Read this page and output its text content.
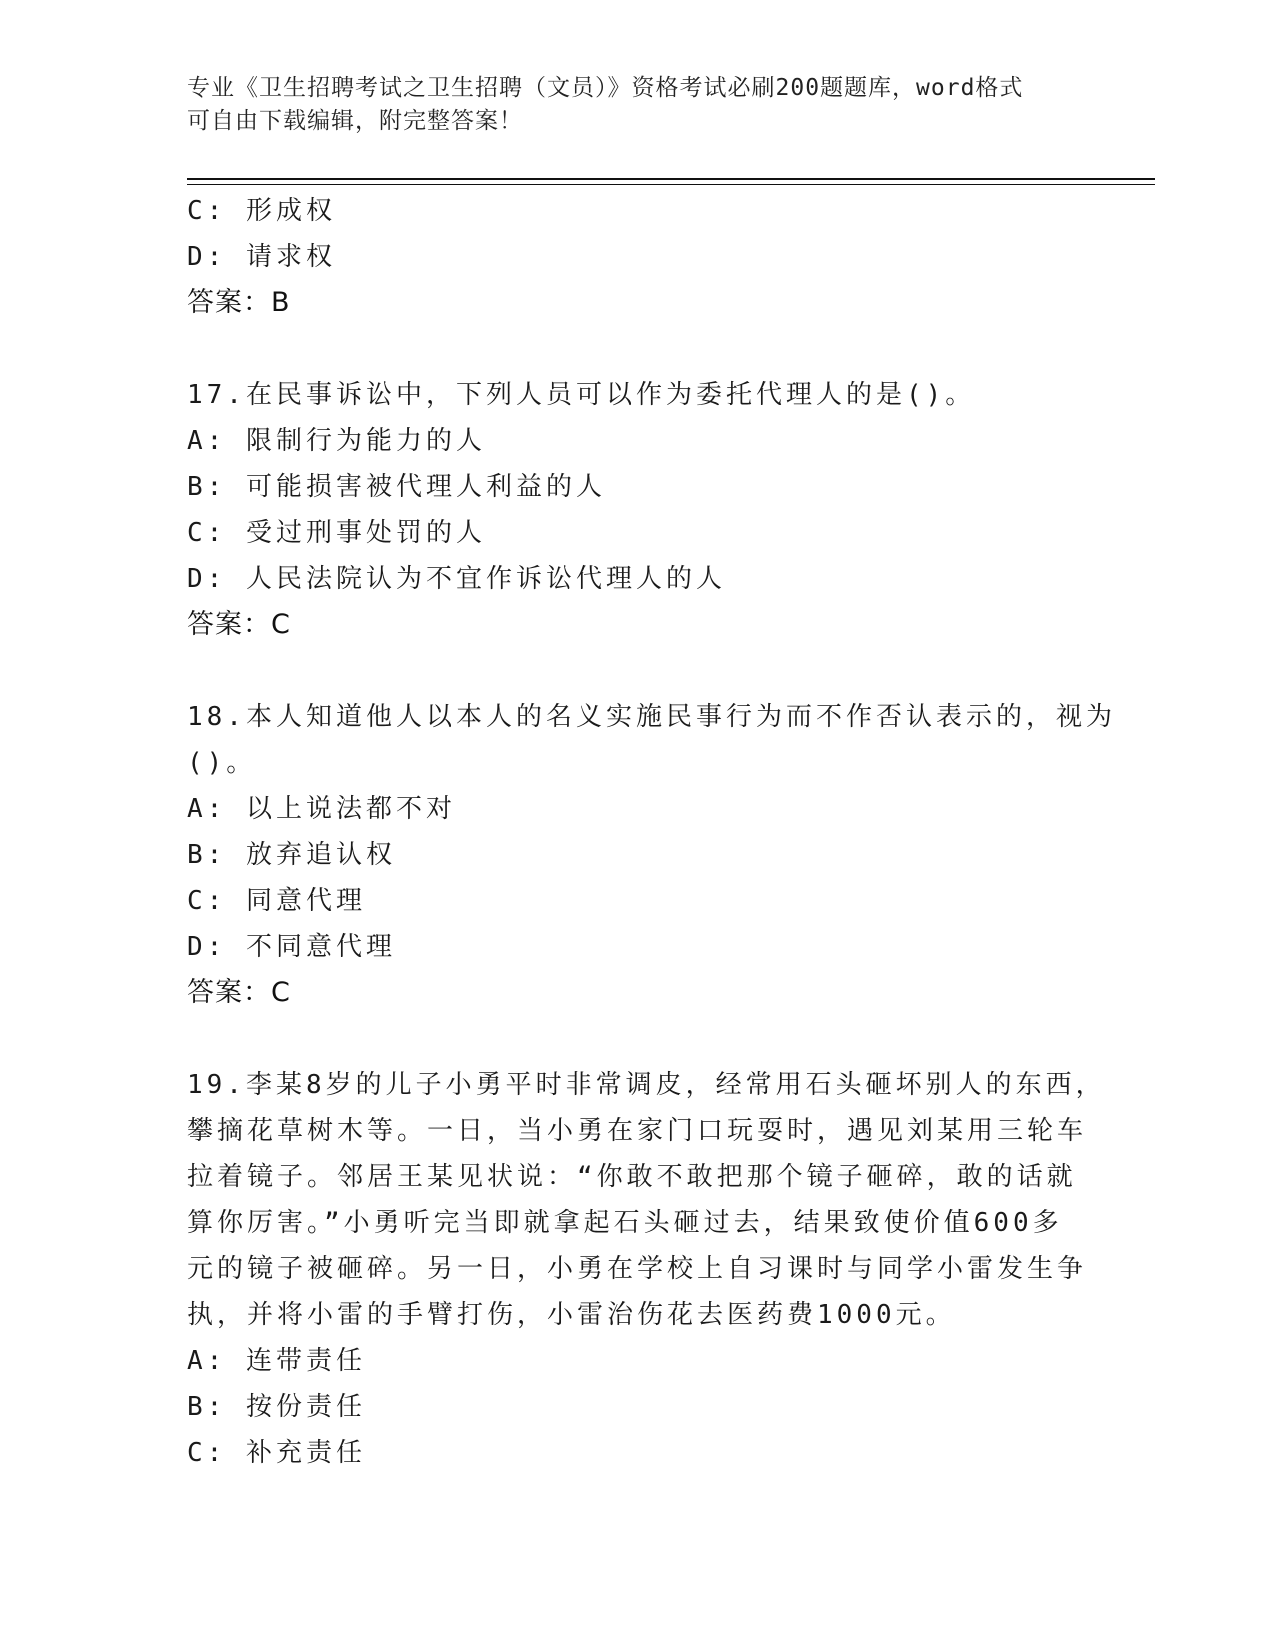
专业《卫生招聘考试之卫生招聘（文员）》资格考试必刷200题题库，word格式
可自由下载编辑，附完整答案！
C: 形成权
D: 请求权
答案：B
17.在民事诉讼中，下列人员可以作为委托代理人的是()。
A: 限制行为能力的人
B: 可能损害被代理人利益的人
C: 受过刑事处罚的人
D: 人民法院认为不宜作诉讼代理人的人
答案：C
18.本人知道他人以本人的名义实施民事行为而不作否认表示的，视为
()。
A: 以上说法都不对
B: 放弃追认权
C: 同意代理
D: 不同意代理
答案：C
19.李某8岁的儿子小勇平时非常调皮，经常用石头砸坏别人的东西，
攀摘花草树木等。一日，当小勇在家门口玩耍时，遇见刘某用三轮车
拉着镜子。邻居王某见状说：“你敢不敢把那个镜子砸碎，敢的话就
算你厉害。”小勇听完当即就拿起石头砸过去，结果致使价值600多
元的镜子被砸碎。另一日，小勇在学校上自习课时与同学小雷发生争
执，并将小雷的手臂打伤，小雷治伤花去医药费1000元。
A: 连带责任
B: 按份责任
C: 补充责任
